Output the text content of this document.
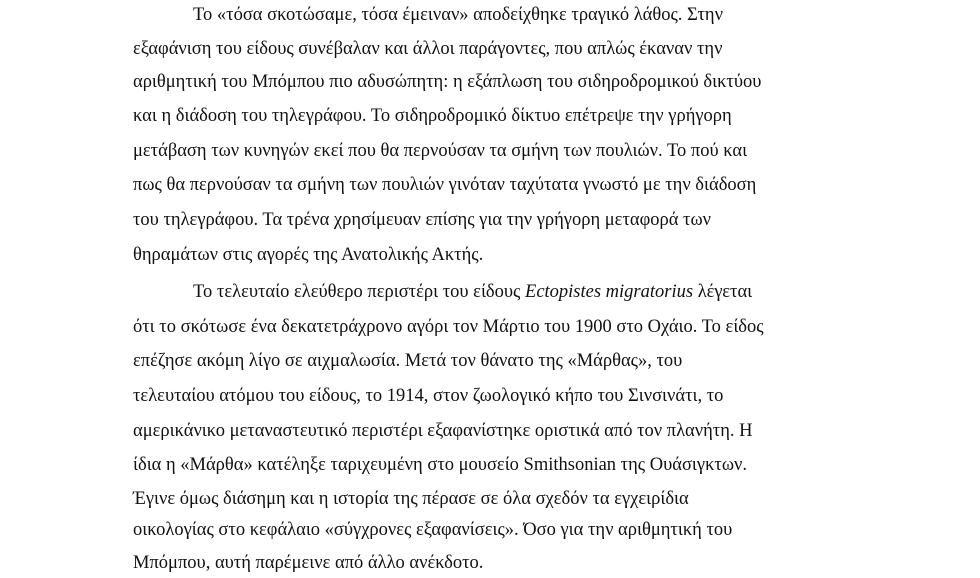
Το «τόσα σκοτώσαμε, τόσα έμειναν» αποδείχθηκε τραγικό λάθος. Στην
εξαφάνιση του είδους συνέβαλαν και άλλοι παράγοντες, που απλώς έκαναν την
αριθμητική του Μπόμπου πιο αδυσώπητη: η εξάπλωση του σιδηροδρομικού δικτύου
και η διάδοση του τηλεγράφου. Το σιδηροδρομικό δίκτυο επέτρεψε την γρήγορη
μετάβαση των κυνηγών εκεί που θα περνούσαν τα σμήνη των πουλιών. Το πού και
πως θα περνούσαν τα σμήνη των πουλιών γινόταν ταχύτατα γνωστό με την διάδοση
του τηλεγράφου. Τα τρένα χρησίμευαν επίσης για την γρήγορη μεταφορά των
θηραμάτων στις αγορές της Ανατολικής Ακτής.
Το τελευταίο ελεύθερο περιστέρι του είδους Ectopistes migratorius λέγεται
ότι το σκότωσε ένα δεκατετράχρονο αγόρι τον Μάρτιο του 1900 στο Οχάιο. Το είδος
επέζησε ακόμη λίγο σε αιχμαλωσία. Μετά τον θάνατο της «Μάρθας», του
τελευταίου ατόμου του είδους, το 1914, στον ζωολογικό κήπο του Σινσινάτι, το
αμερικάνικο μεταναστευτικό περιστέρι εξαφανίστηκε οριστικά από τον πλανήτη. Η
ίδια η «Μάρθα» κατέληξε ταριχευμένη στο μουσείο Smithsonian της Ουάσιγκτων.
Έγινε όμως διάσημη και η ιστορία της πέρασε σε όλα σχεδόν τα εγχειρίδια
οικολογίας στο κεφάλαιο «σύγχρονες εξαφανίσεις». Όσο για την αριθμητική του
Μπόμπου, αυτή παρέμεινε από άλλο ανέκδοτο.
